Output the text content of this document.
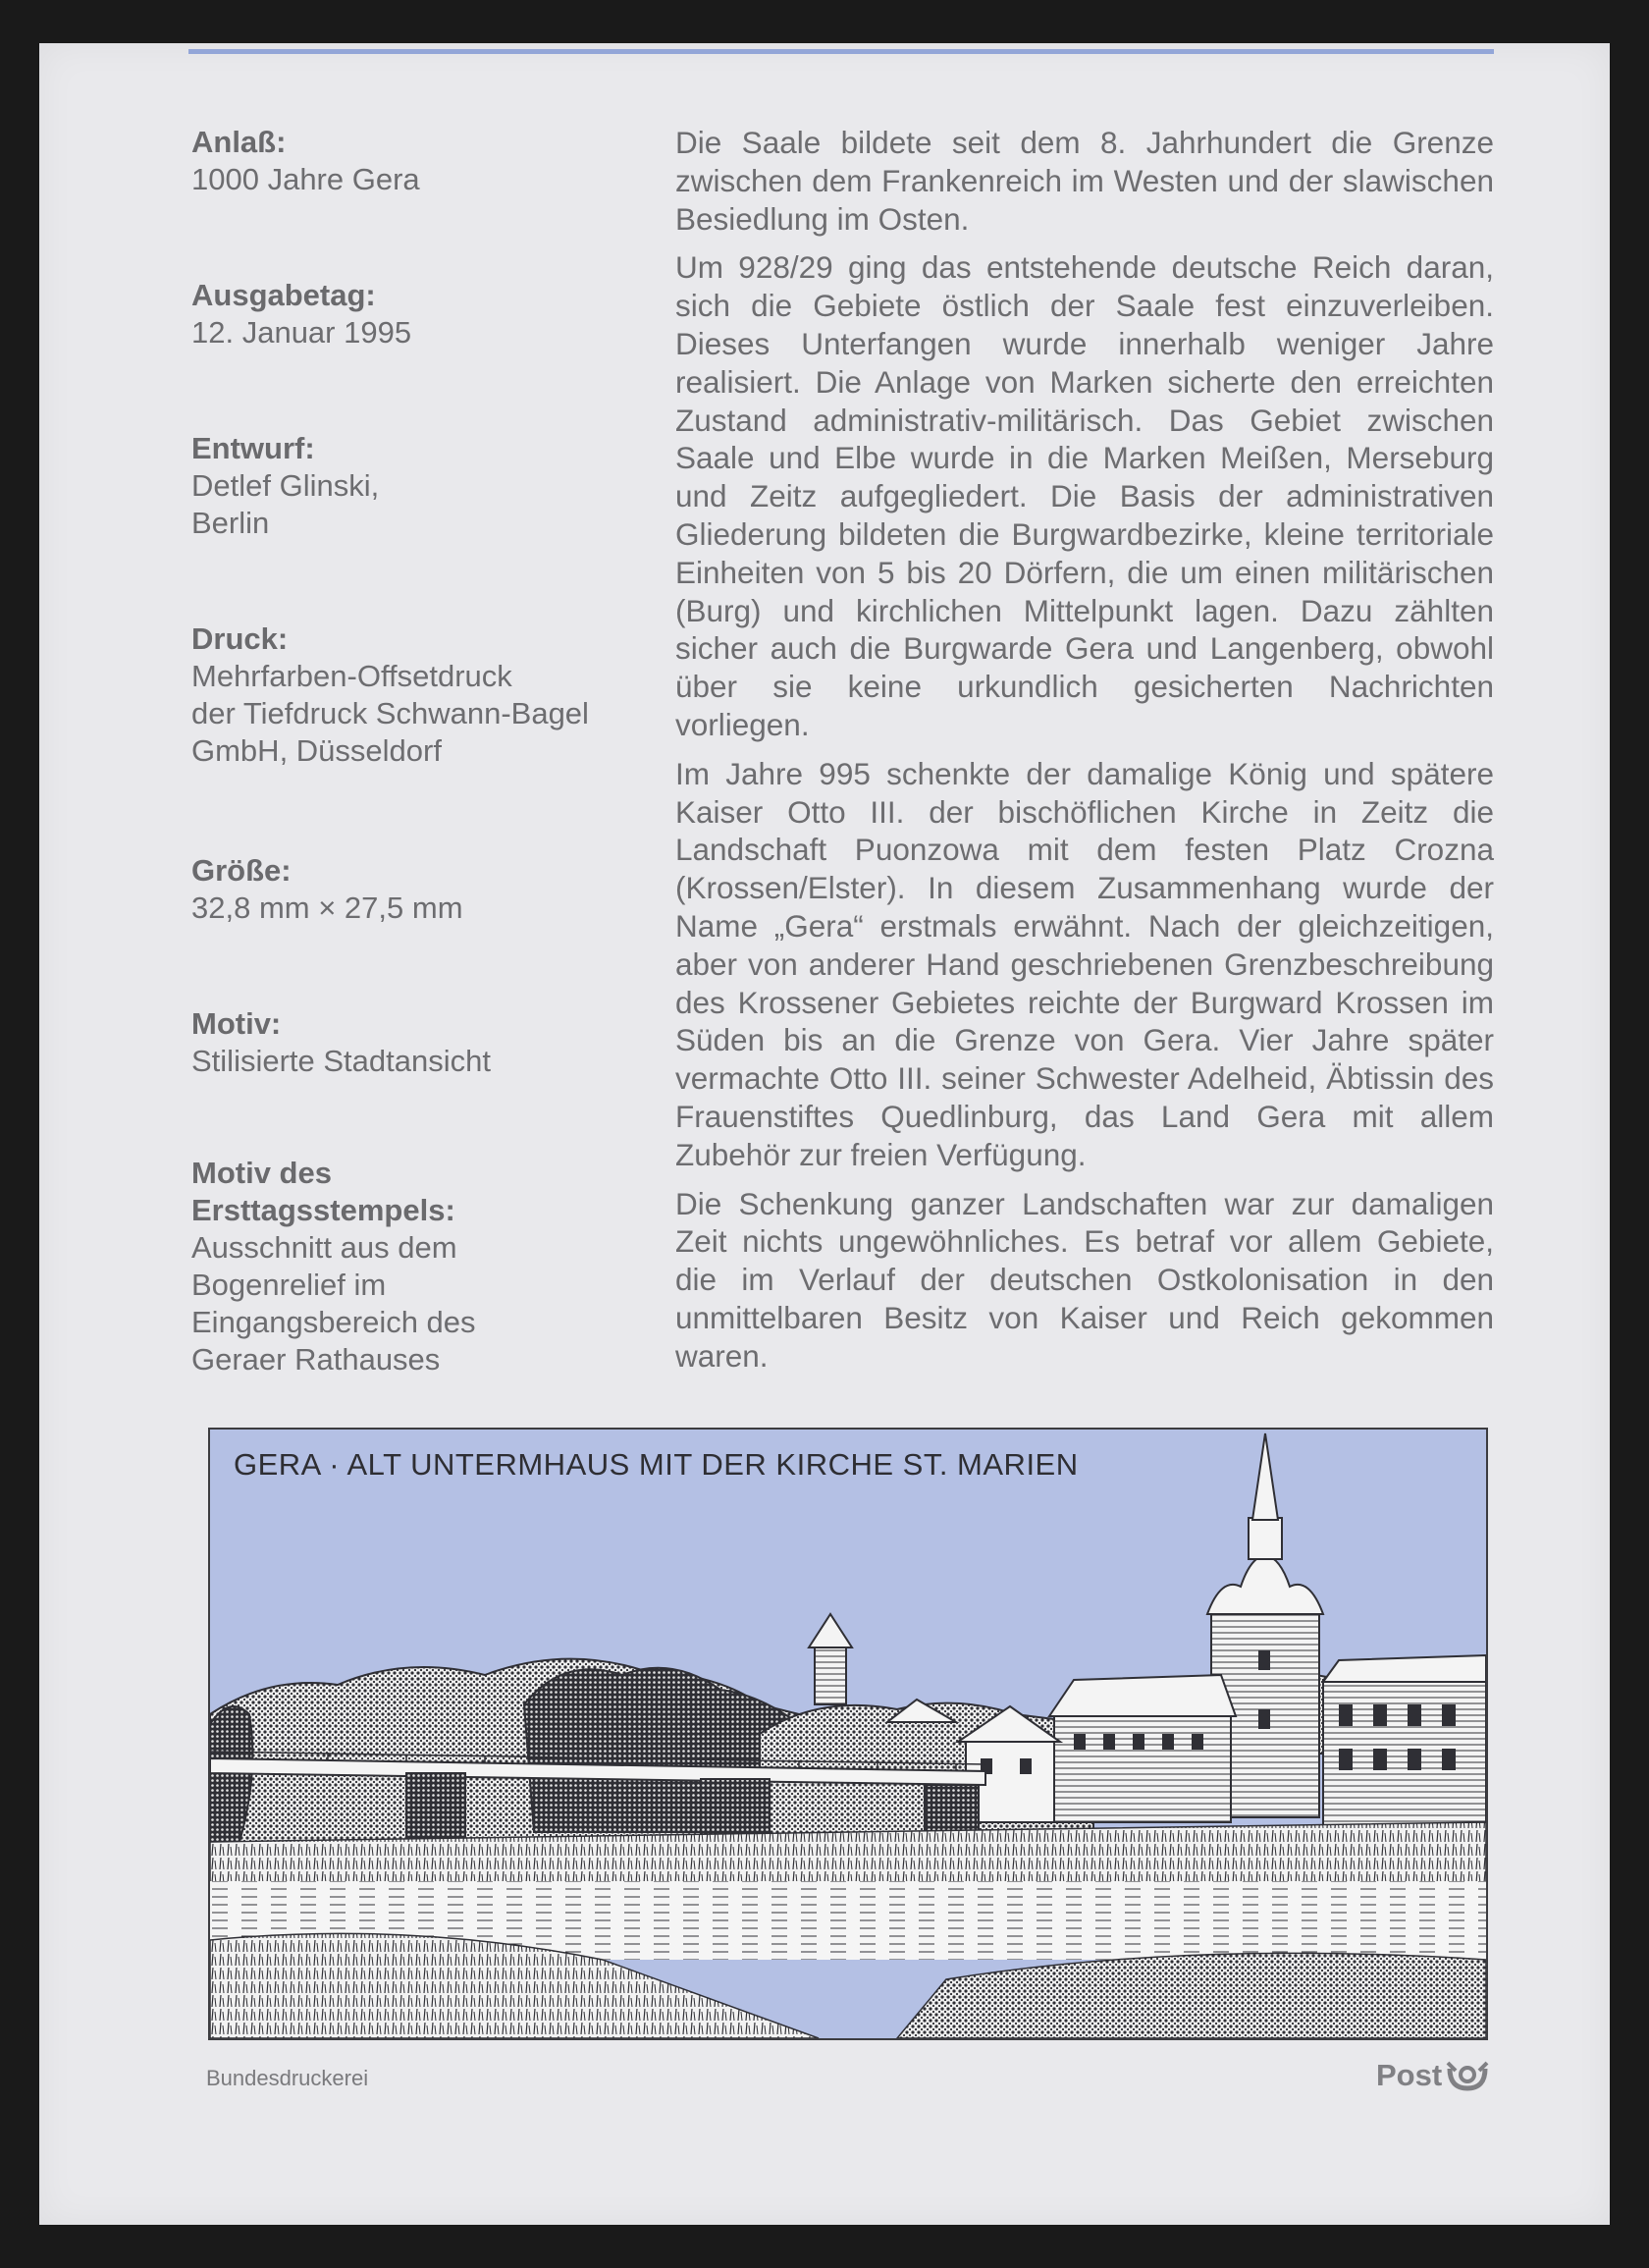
Anlaß:
1000 Jahre Gera
Ausgabetag:
12. Januar 1995
Entwurf:
Detlef Glinski,
Berlin
Druck:
Mehrfarben-Offsetdruck
der Tiefdruck Schwann-Bagel
GmbH, Düsseldorf
Größe:
32,8 mm × 27,5 mm
Motiv:
Stilisierte Stadtansicht
Motiv des
Ersttagsstempels:
Ausschnitt aus dem
Bogenrelief im
Eingangsbereich des
Geraer Rathauses

Die Saale bildete seit dem 8. Jahrhundert die Grenze zwischen dem Frankenreich im Westen und der slawischen Besiedlung im Osten.

Um 928/29 ging das entstehende deutsche Reich daran, sich die Gebiete östlich der Saale fest einzuverleiben. Dieses Unterfangen wurde innerhalb weniger Jahre realisiert. Die Anlage von Marken sicherte den erreichten Zustand administrativ-militärisch. Das Gebiet zwischen Saale und Elbe wurde in die Marken Meißen, Merseburg und Zeitz aufgegliedert. Die Basis der administrativen Gliederung bildeten die Burgwardbezirke, kleine territoriale Einheiten von 5 bis 20 Dörfern, die um einen militärischen (Burg) und kirchlichen Mittelpunkt lagen. Dazu zählten sicher auch die Burgwarde Gera und Langenberg, obwohl über sie keine urkundlich gesicherten Nachrichten vorliegen.

Im Jahre 995 schenkte der damalige König und spätere Kaiser Otto III. der bischöflichen Kirche in Zeitz die Landschaft Puonzowa mit dem festen Platz Crozna (Krossen/Elster). In diesem Zusammenhang wurde der Name „Gera“ erstmals erwähnt. Nach der gleichzeitigen, aber von anderer Hand geschriebenen Grenzbeschreibung des Krossener Gebietes reichte der Burgward Krossen im Süden bis an die Grenze von Gera. Vier Jahre später vermachte Otto III. seiner Schwester Adelheid, Äbtissin des Frauenstiftes Quedlinburg, das Land Gera mit allem Zubehör zur freien Verfügung.

Die Schenkung ganzer Landschaften war zur damaligen Zeit nichts ungewöhnliches. Es betraf vor allem Gebiete, die im Verlauf der deutschen Ostkolonisation in den unmittelbaren Besitz von Kaiser und Reich gekommen waren.

GERA · ALT UNTERMHAUS MIT DER KIRCHE ST. MARIEN
Bundesdruckerei	Post
